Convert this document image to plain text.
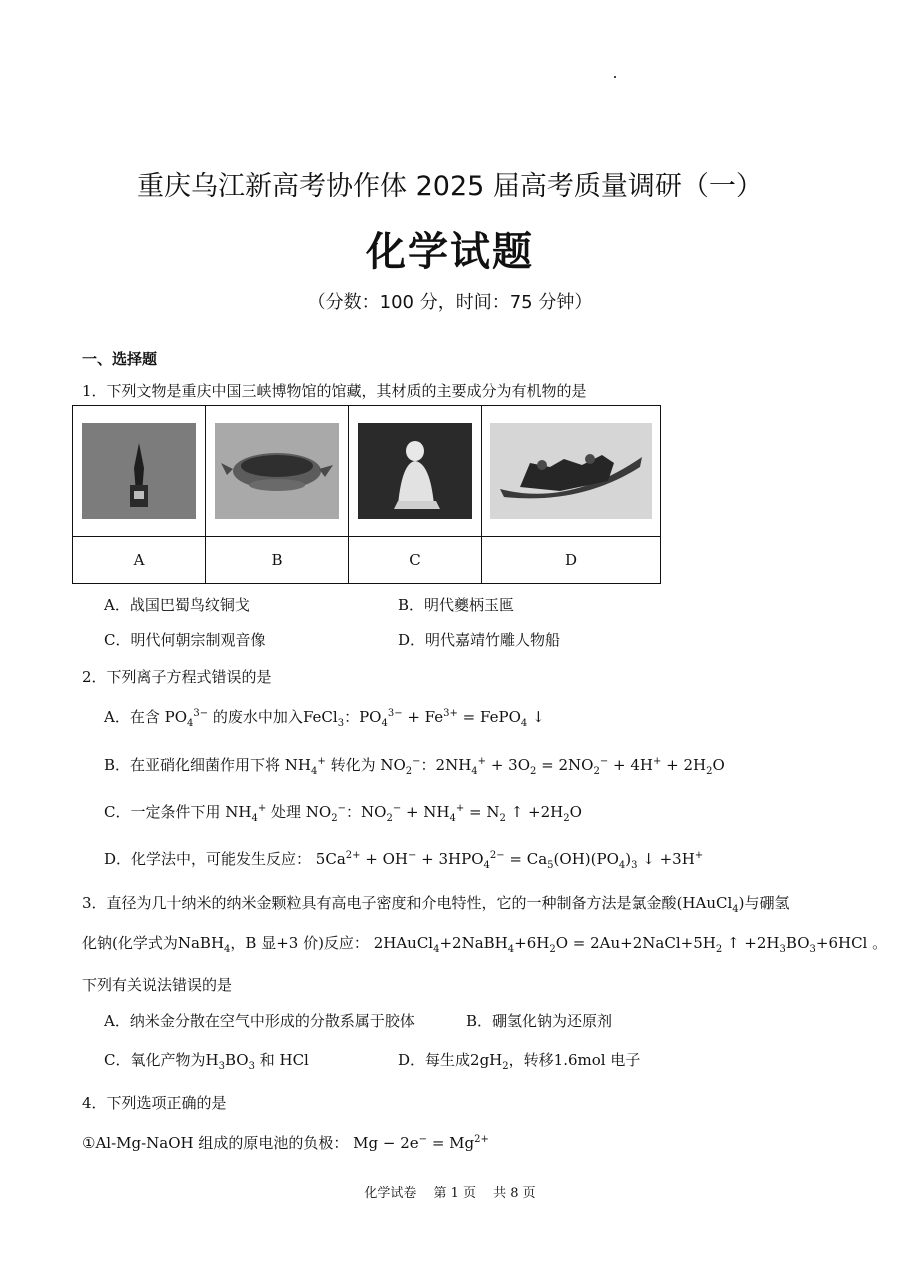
重庆乌江新高考协作体 2025 届高考质量调研（一）
化学试题
（分数：100 分，时间：75 分钟）
一、选择题
1．下列文物是重庆中国三峡博物馆的馆藏，其材质的主要成分为有机物的是

A	B	C	D
A．战国巴蜀鸟纹铜戈	B．明代夔柄玉匜
C．明代何朝宗制观音像	D．明代嘉靖竹雕人物船
2．下列离子方程式错误的是
A．在含 $PO_4^{3-}$ 的废水中加入FeCl$_3$：$PO_4^{3-} + Fe^{3+}$ = FePO$_4$ ↓
B．在亚硝化细菌作用下将 $NH_4^+$ 转化为 $NO_2^-$：$2NH_4^+ + 3O_2 = 2NO_2^- + 4H^+ + 2H_2O$
C．一定条件下用 $NH_4^+$ 处理 $NO_2^-$：$NO_2^- + NH_4^+ = N_2$ ↑ $+2H_2O$
D．化学法中，可能发生反应： $5Ca^{2+} + OH^- + 3HPO_4^{2-} = Ca_5(OH)(PO_4)_3$ ↓ +3H+
3．直径为几十纳米的纳米金颗粒具有高电子密度和介电特性，它的一种制备方法是氯金酸(HAuCl$_4$)与硼氢
化钠(化学式为NaBH$_4$，B 显+3 价)反应： $2HAuCl_4+2NaBH_4+6H_2O$ = $2Au+2NaCl+5H_2$ ↑ $+2H_3BO_3+6HCl$ 。
下列有关说法错误的是
A．纳米金分散在空气中形成的分散系属于胶体	B．硼氢化钠为还原剂
C．氧化产物为$H_3BO_3$ 和 HCl	D．每生成$2gH_2$，转移1.6mol 电子
4．下列选项正确的是
①Al-Mg-NaOH 组成的原电池的负极： $Mg - 2e^- = Mg^{2+}$
化学试卷　 第 1 页　 共 8 页
